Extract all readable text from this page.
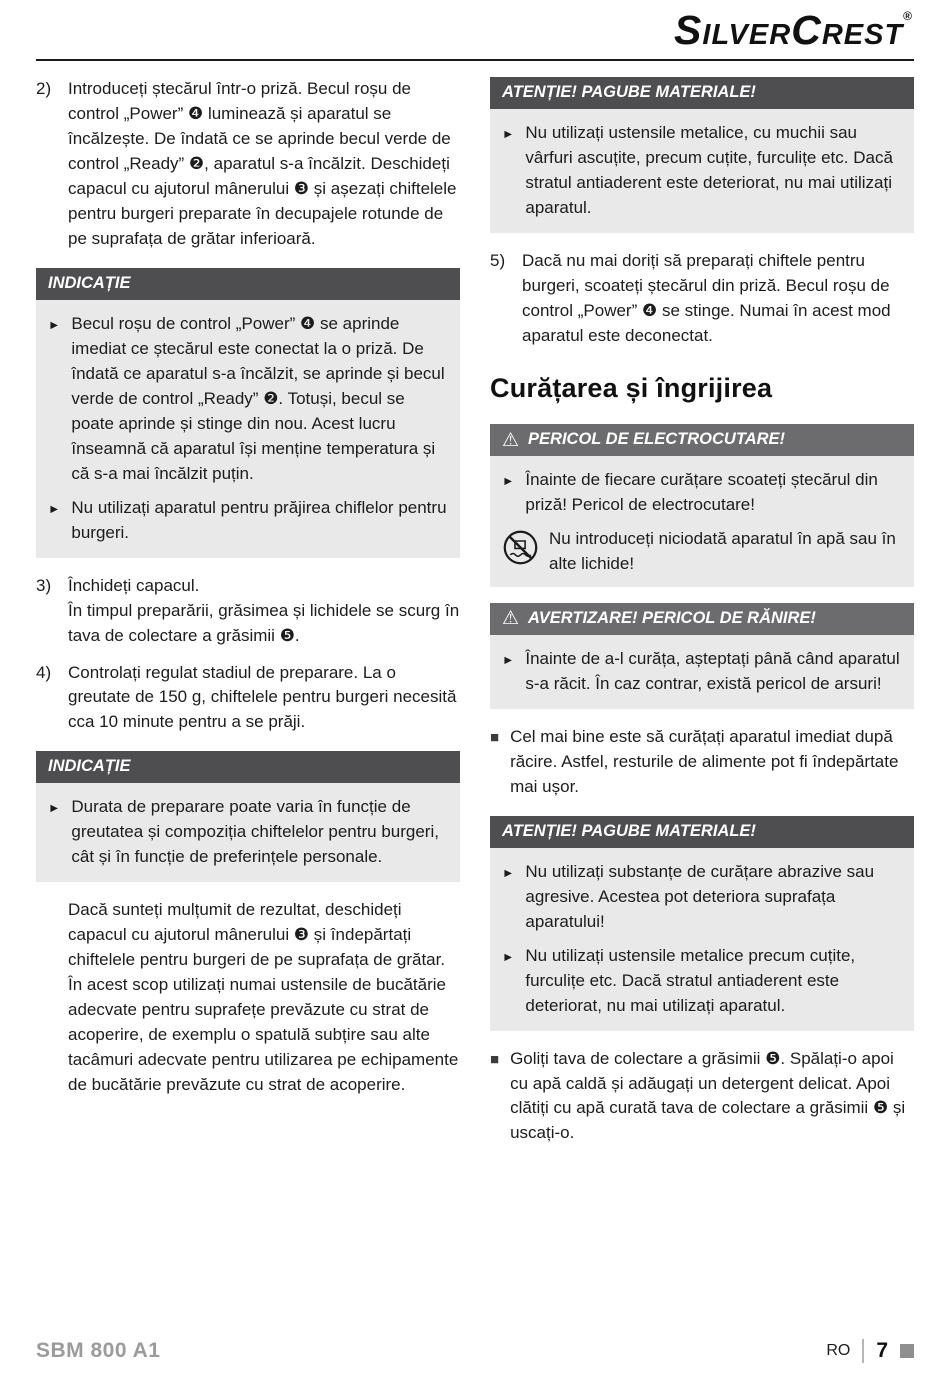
SILVERCREST®
2) Introduceți ștecărul într-o priză. Becul roșu de control „Power” ❹ luminează și aparatul se încălzește. De îndată ce se aprinde becul verde de control „Ready” ❷, aparatul s-a încălzit. Deschideți capacul cu ajutorul mânerului ❸ și așezați chiftelele pentru burgeri preparate în decupajele rotunde de pe suprafața de grătar inferioară.
INDICAȚIE
► Becul roșu de control „Power” ❹ se aprinde imediat ce ștecărul este conectat la o priză. De îndată ce aparatul s-a încălzit, se aprinde și becul verde de control „Ready” ❷. Totuși, becul se poate aprinde și stinge din nou. Acest lucru înseamnă că aparatul își menține temperatura și că s-a mai încălzit puțin.
► Nu utilizați aparatul pentru prăjirea chiflelor pentru burgeri.
3) Închideți capacul.
În timpul preparării, grăsimea și lichidele se scurg în tava de colectare a grăsimii ❺.
4) Controlați regulat stadiul de preparare. La o greutate de 150 g, chiftelele pentru burgeri necesită cca 10 minute pentru a se prăji.
INDICAȚIE
► Durata de preparare poate varia în funcție de greutatea și compoziția chiftelelor pentru burgeri, cât și în funcție de preferințele personale.
Dacă sunteți mulțumit de rezultat, deschideți capacul cu ajutorul mânerului ❸ și îndepărtați chiftelele pentru burgeri de pe suprafața de grătar. În acest scop utilizați numai ustensile de bucătărie adecvate pentru suprafețe prevăzute cu strat de acoperire, de exemplu o spatulă subțire sau alte tacâmuri adecvate pentru utilizarea pe echipamente de bucătărie prevăzute cu strat de acoperire.
ATENȚIE! PAGUBE MATERIALE!
► Nu utilizați ustensile metalice, cu muchii sau vârfuri ascuțite, precum cuțite, furculițe etc. Dacă stratul antiaderent este deteriorat, nu mai utilizați aparatul.
5) Dacă nu mai doriți să preparați chiftele pentru burgeri, scoateți ștecărul din priză. Becul roșu de control „Power” ❹ se stinge. Numai în acest mod aparatul este deconectat.
Curățarea și îngrijirea
⚠ PERICOL DE ELECTROCUTARE!
► Înainte de fiecare curățare scoateți ștecărul din priză! Pericol de electrocutare!
Nu introduceți niciodată aparatul în apă sau în alte lichide!
⚠ AVERTIZARE! PERICOL DE RĂNIRE!
► Înainte de a-l curăța, așteptați până când aparatul s-a răcit. În caz contrar, există pericol de arsuri!
■ Cel mai bine este să curățați aparatul imediat după răcire. Astfel, resturile de alimente pot fi îndepărtate mai ușor.
ATENȚIE! PAGUBE MATERIALE!
► Nu utilizați substanțe de curățare abrazive sau agresive. Acestea pot deteriora suprafața aparatului!
► Nu utilizați ustensile metalice precum cuțite, furculițe etc. Dacă stratul antiaderent este deteriorat, nu mai utilizați aparatul.
■ Goliți tava de colectare a grăsimii ❺. Spălați-o apoi cu apă caldă și adăugați un detergent delicat. Apoi clătiți cu apă curată tava de colectare a grăsimii ❺ și uscați-o.
SBM 800 A1	RO 7
